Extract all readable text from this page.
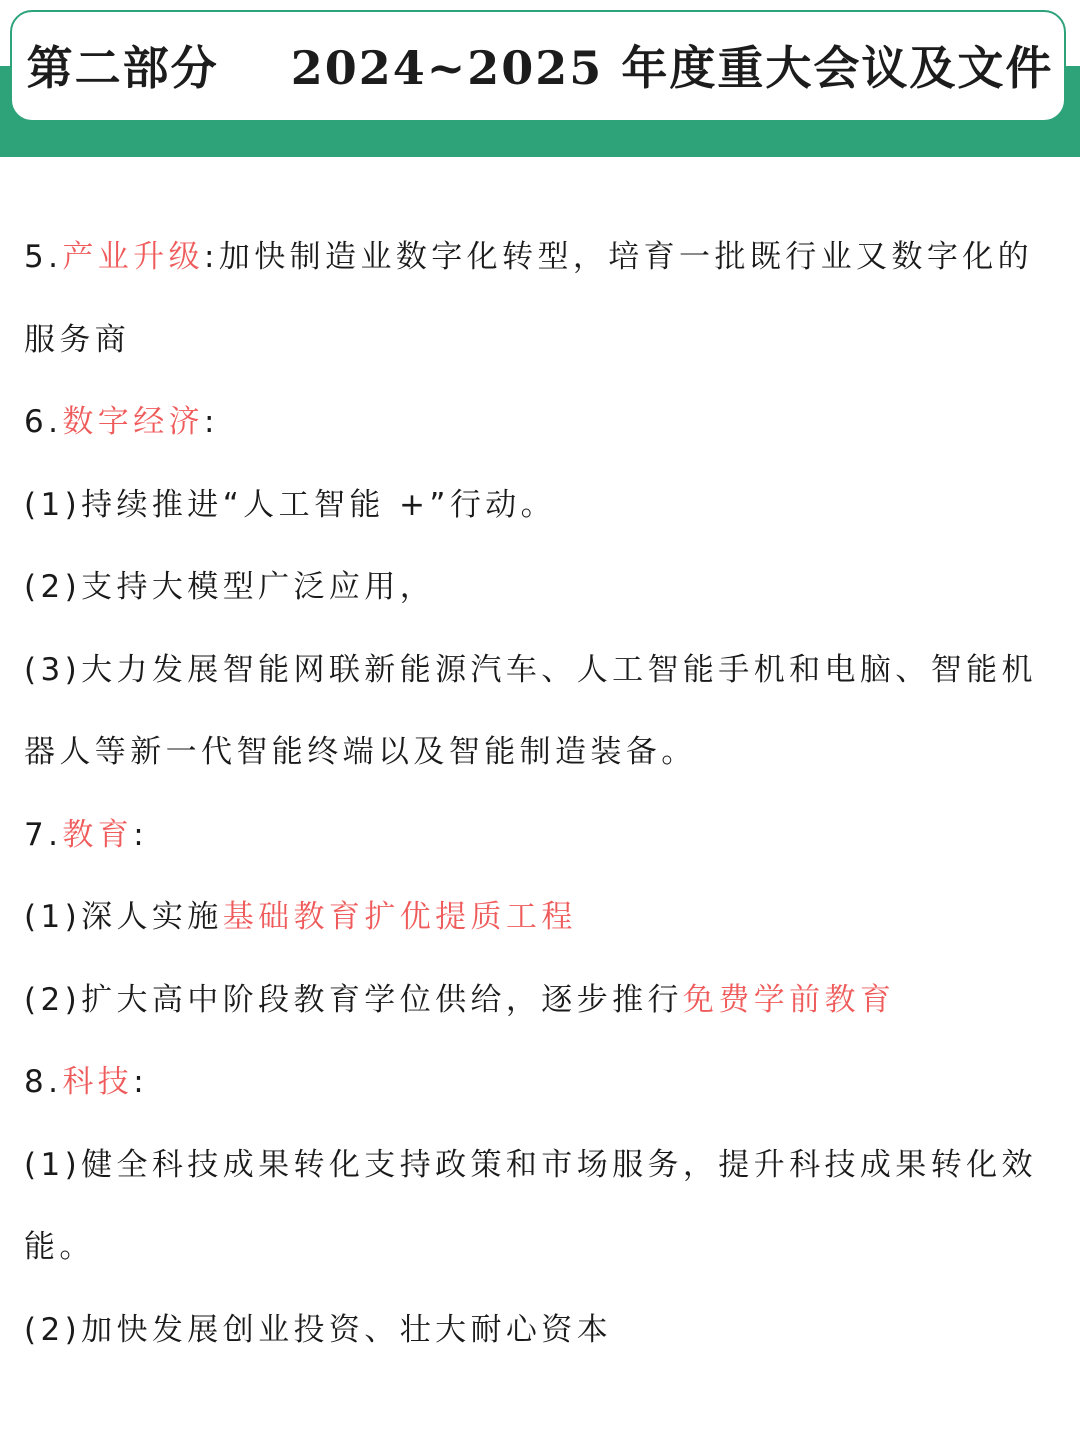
第二部分    2024~2025 年度重大会议及文件
5.产业升级:加快制造业数字化转型，培育一批既行业又数字化的
服务商
6.数字经济:
(1)持续推进“人工智能 +”行动。
(2)支持大模型广泛应用，
(3)大力发展智能网联新能源汽车、人工智能手机和电脑、智能机
器人等新一代智能终端以及智能制造装备。
7.教育:
(1)深人实施基础教育扩优提质工程
(2)扩大高中阶段教育学位供给，逐步推行免费学前教育
8.科技:
(1)健全科技成果转化支持政策和市场服务，提升科技成果转化效
能。
(2)加快发展创业投资、壮大耐心资本
